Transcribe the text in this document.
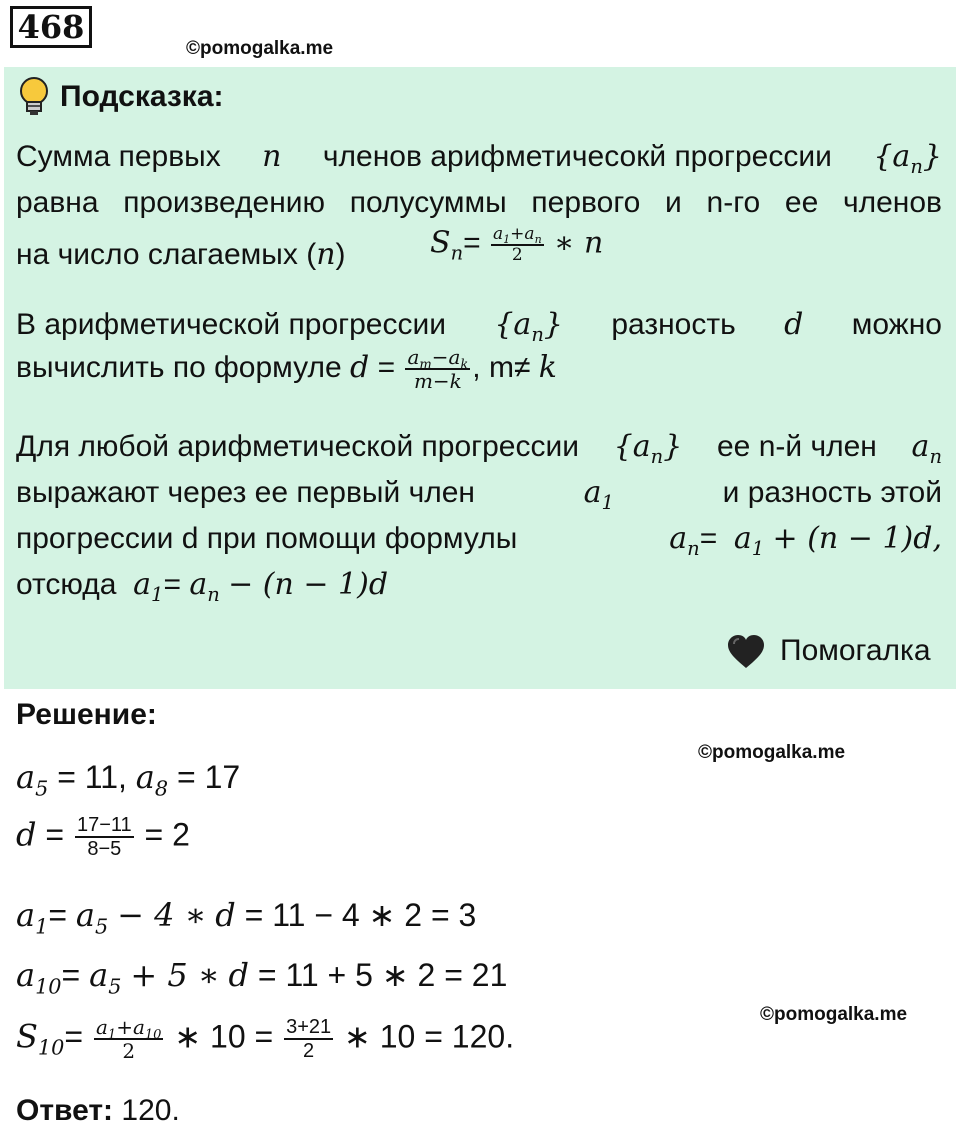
468
©pomogalka.me
Подсказка:
Сумма первых n членов арифметичесокй прогрессии $\{a_n\}$
равна произведению полусуммы первого и n-го ее членов
на число слагаемых (n)	$S_n= \frac{a_1+a_n}{2}$ ∗ n
В арифметической прогрессии $\{a_n\}$ разность d можно
вычислить по формуле $d = \frac{a_m-a_k}{m-k}$ , m≠ k
Для любой арифметической прогрессии $\{a_n\}$ ее n-й член $a_n$
выражают через ее первый член	$a_1$	и разность этой
прогрессии d при помощи формулы	$a_n= a_1 + (n - 1)d$,
отсюда $a_1= a_n - (n - 1)d$
Помогалка
Решение:
©pomogalka.me
$a_5 = 11$, $a_8 = 17$
$d = \frac{17-11}{8-5} = 2$
$a_1= a_5 - 4$ ∗ d = 11 − 4 ∗ 2 = 3
$a_{10}= a_5 + 5$ ∗ d = 11 + 5 ∗ 2 = 21
©pomogalka.me
$S_{10}= \frac{a_1+a_{10}}{2}$ ∗ $10 = \frac{3+21}{2}$ ∗ 10 = 120.
Ответ: 120.
